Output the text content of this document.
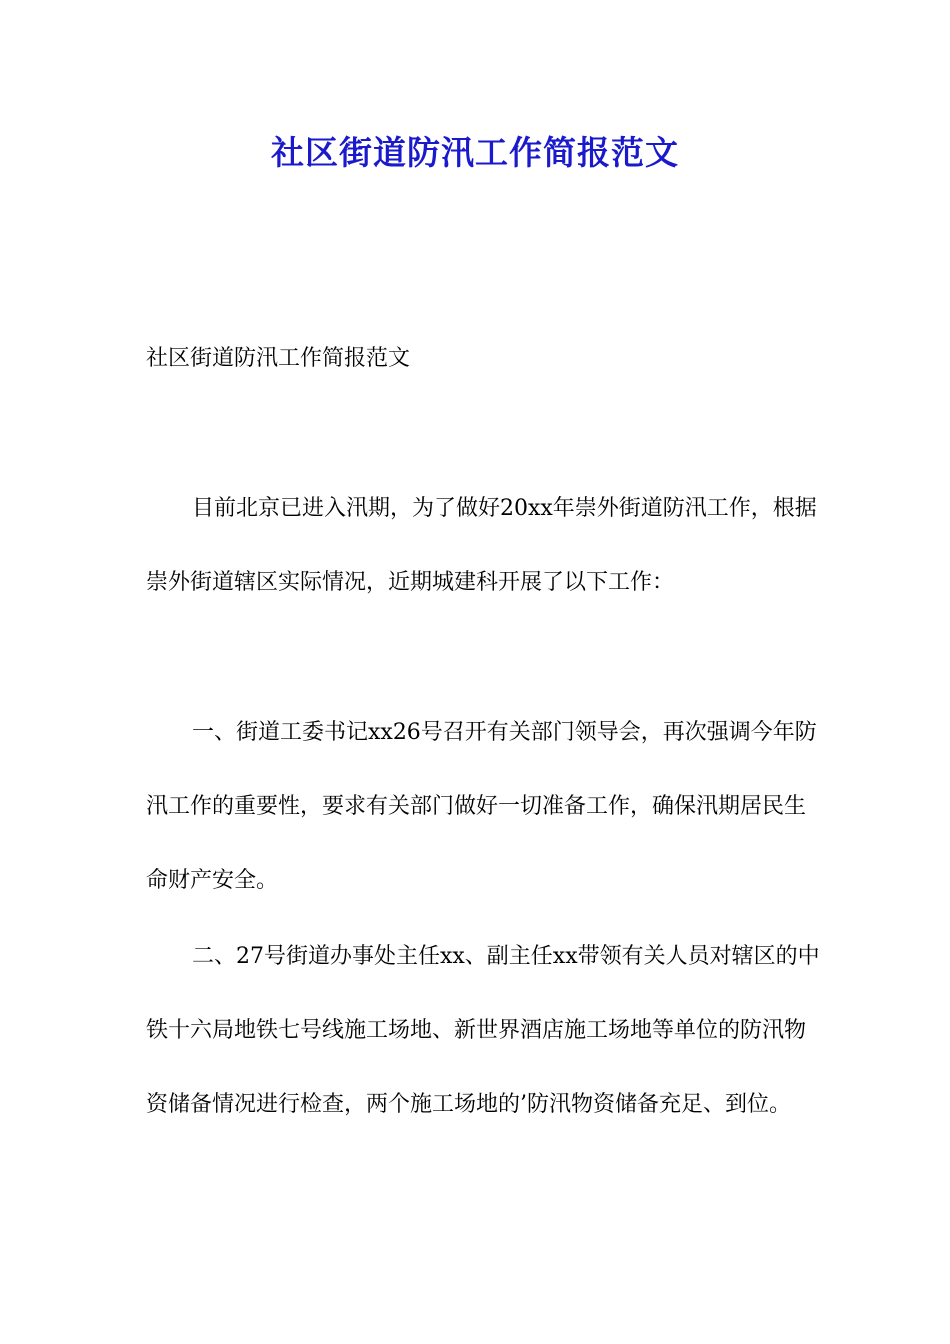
社区街道防汛工作简报范文
社区街道防汛工作简报范文
目前北京已进入汛期，为了做好20xx年崇外街道防汛工作，根据崇外街道辖区实际情况，近期城建科开展了以下工作：
一、街道工委书记xx26号召开有关部门领导会，再次强调今年防汛工作的重要性，要求有关部门做好一切准备工作，确保汛期居民生命财产安全。
二、27号街道办事处主任xx、副主任xx带领有关人员对辖区的中铁十六局地铁七号线施工场地、新世界酒店施工场地等单位的防汛物资储备情况进行检查，两个施工场地的’防汛物资储备充足、到位。
